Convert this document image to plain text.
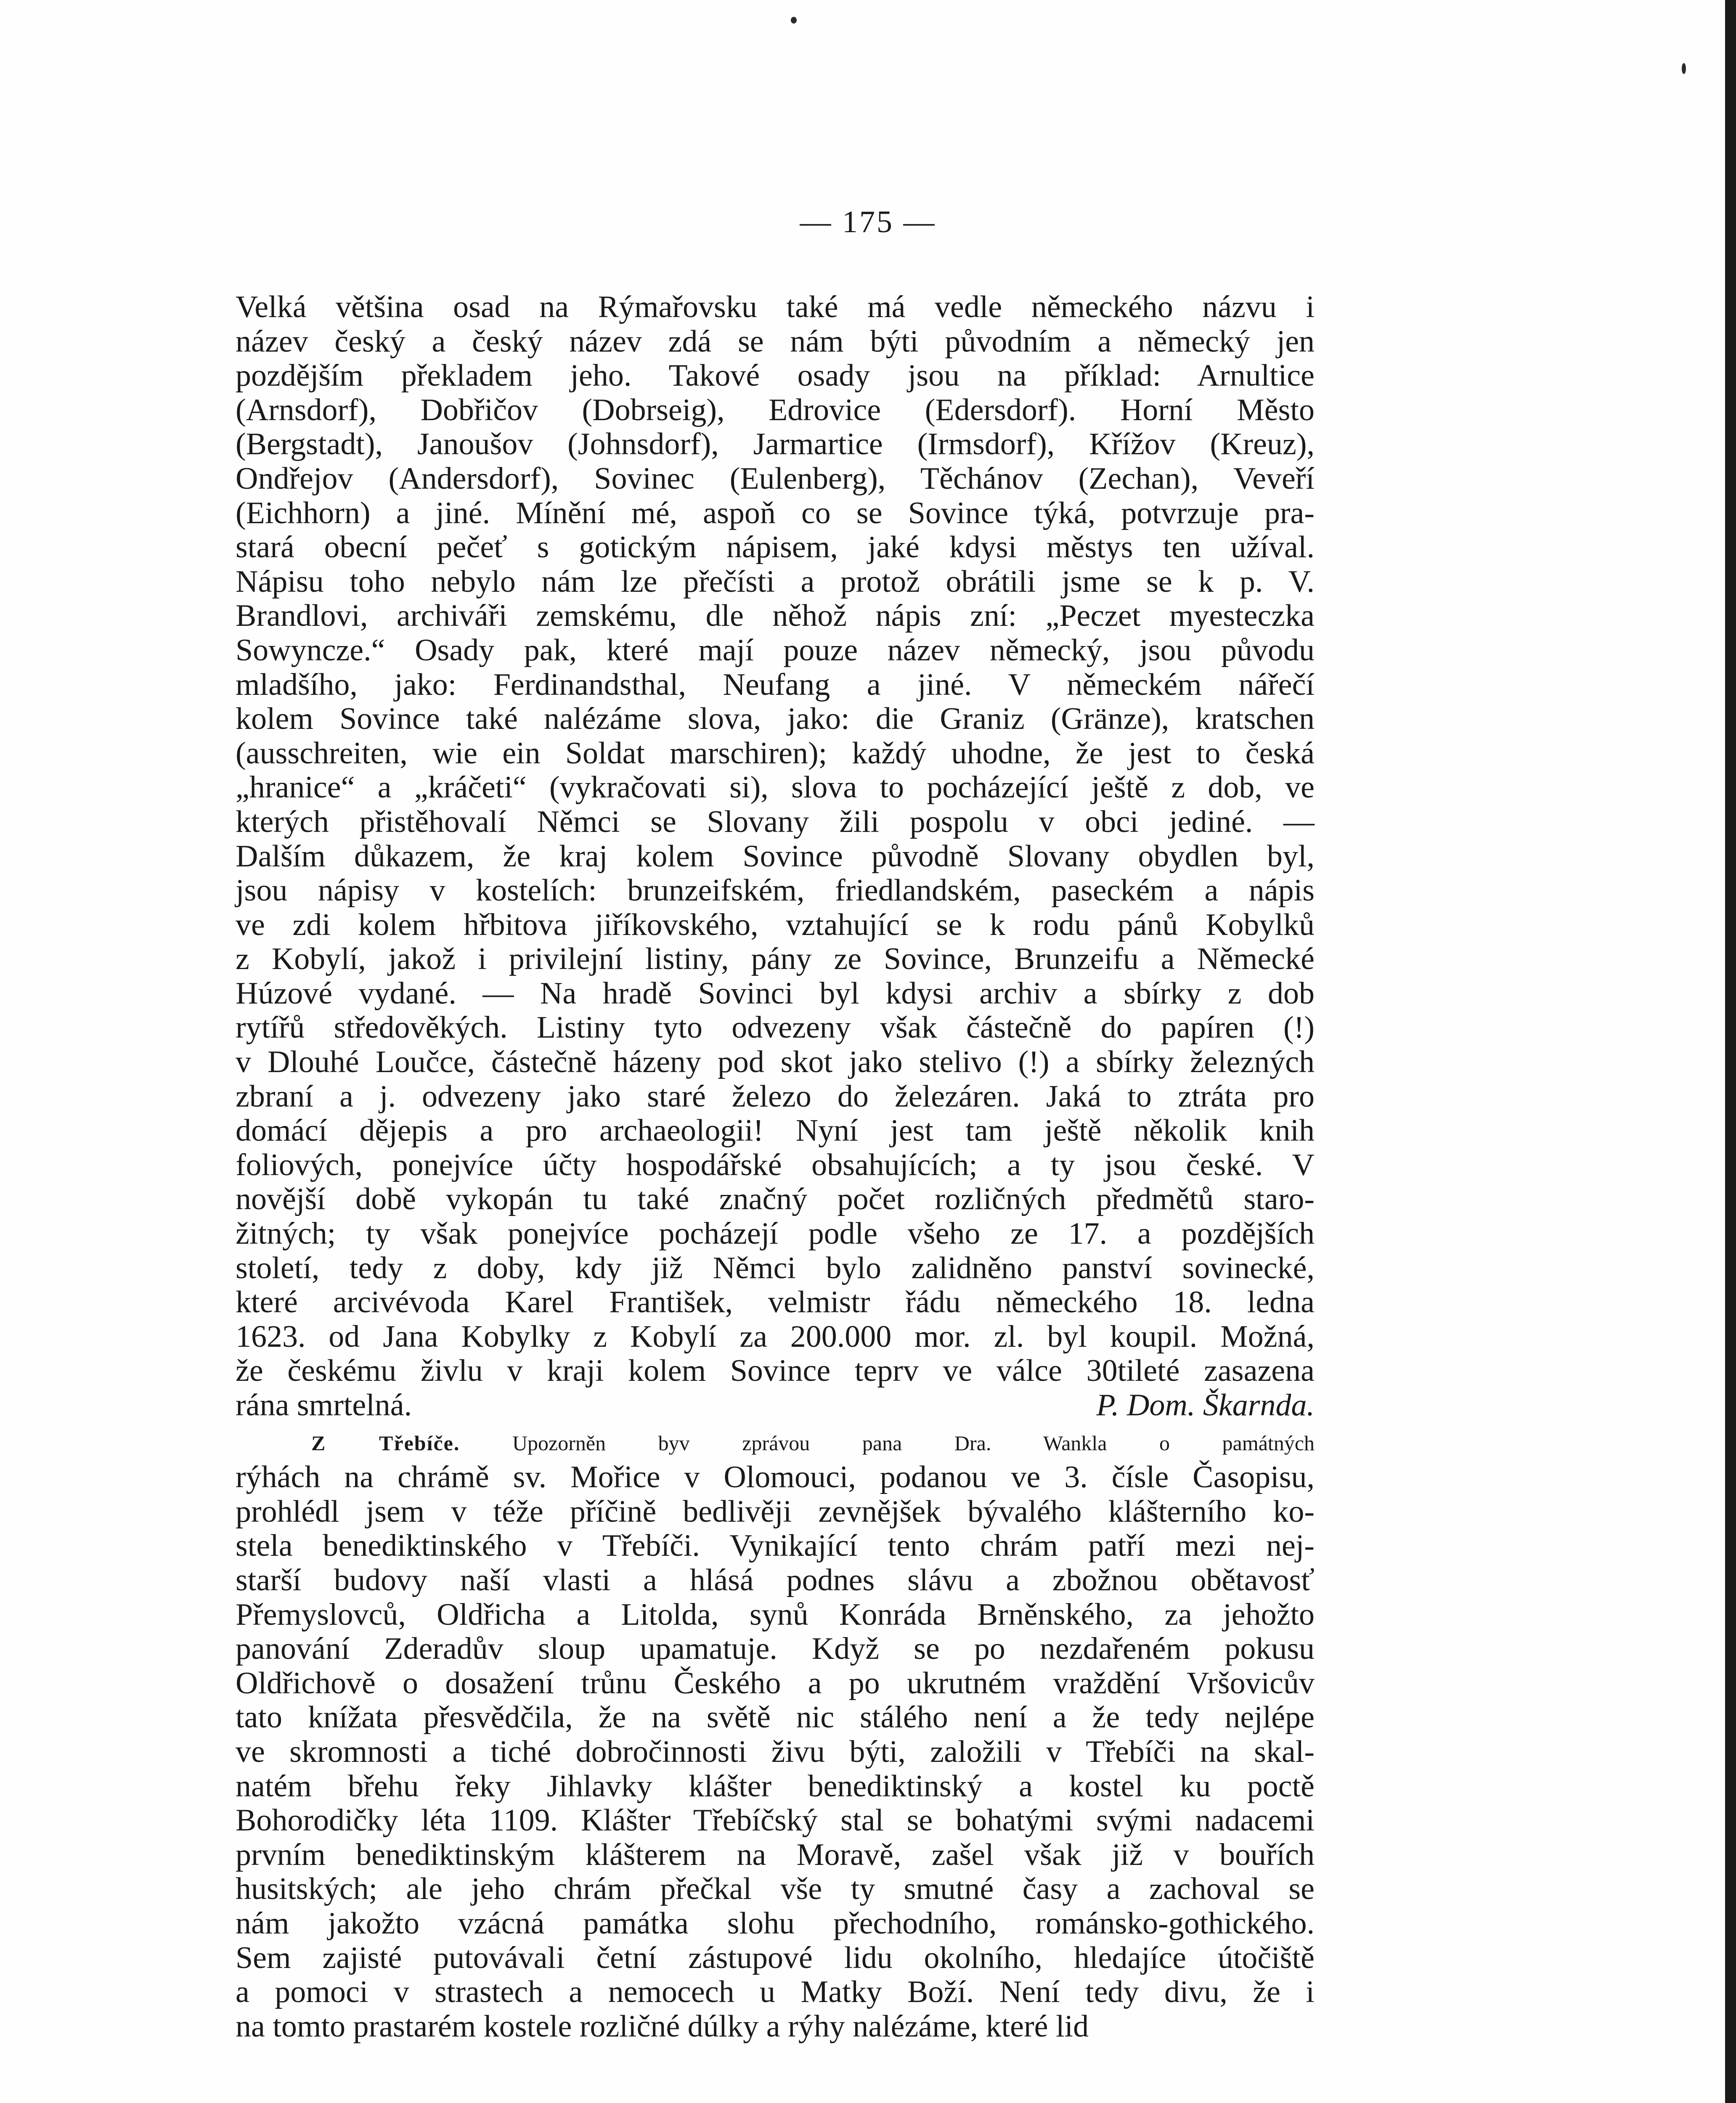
— 175 —
Velká většina osad na Rýmařovsku také má vedle německého názvu i
název český a český název zdá se nám býti původním a německý jen
pozdějším překladem jeho. Takové osady jsou na příklad: Arnultice
(Arnsdorf), Dobřičov (Dobrseig), Edrovice (Edersdorf). Horní Město
(Bergstadt), Janoušov (Johnsdorf), Jarmartice (Irmsdorf), Křížov (Kreuz),
Ondřejov (Andersdorf), Sovinec (Eulenberg), Těchánov (Zechan), Veveří
(Eichhorn) a jiné. Mínění mé, aspoň co se Sovince týká, potvrzuje pra-
stará obecní pečeť s gotickým nápisem, jaké kdysi městys ten užíval.
Nápisu toho nebylo nám lze přečísti a protož obrátili jsme se k p. V.
Brandlovi, archiváři zemskému, dle něhož nápis zní: „Peczet myesteczka
Sowyncze.“ Osady pak, které mají pouze název německý, jsou původu
mladšího, jako: Ferdinandsthal, Neufang a jiné. V německém nářečí
kolem Sovince také nalézáme slova, jako: die Graniz (Gränze), kratschen
(ausschreiten, wie ein Soldat marschiren); každý uhodne, že jest to česká
„hranice“ a „kráčeti“ (vykračovati si), slova to pocházející ještě z dob, ve
kterých přistěhovalí Němci se Slovany žili pospolu v obci jediné. —
Dalším důkazem, že kraj kolem Sovince původně Slovany obydlen byl,
jsou nápisy v kostelích: brunzeifském, friedlandském, paseckém a nápis
ve zdi kolem hřbitova jiříkovského, vztahující se k rodu pánů Kobylků
z Kobylí, jakož i privilejní listiny, pány ze Sovince, Brunzeifu a Německé
Húzové vydané. — Na hradě Sovinci byl kdysi archiv a sbírky z dob
rytířů středověkých. Listiny tyto odvezeny však částečně do papíren (!)
v Dlouhé Loučce, částečně házeny pod skot jako stelivo (!) a sbírky železných
zbraní a j. odvezeny jako staré železo do železáren. Jaká to ztráta pro
domácí dějepis a pro archaeologii! Nyní jest tam ještě několik knih
foliových, ponejvíce účty hospodářské obsahujících; a ty jsou české. V
novější době vykopán tu také značný počet rozličných předmětů staro-
žitných; ty však ponejvíce pocházejí podle všeho ze 17. a pozdějších
století, tedy z doby, kdy již Němci bylo zalidněno panství sovinecké,
které arcivévoda Karel František, velmistr řádu německého 18. ledna
1623. od Jana Kobylky z Kobylí za 200.000 mor. zl. byl koupil. Možná,
že českému živlu v kraji kolem Sovince teprv ve válce 30tileté zasazena
rána smrtelná.	P. Dom. Škarnda.
Z Třebíče. Upozorněn byv zprávou pana Dra. Wankla o památných
rýhách na chrámě sv. Mořice v Olomouci, podanou ve 3. čísle Časopisu,
prohlédl jsem v téže příčině bedlivěji zevnějšek bývalého klášterního ko-
stela benediktinského v Třebíči. Vynikající tento chrám patří mezi nej-
starší budovy naší vlasti a hlásá podnes slávu a zbožnou obětavosť
Přemyslovců, Oldřicha a Litolda, synů Konráda Brněnského, za jehožto
panování Zderadův sloup upamatuje. Když se po nezdařeném pokusu
Oldřichově o dosažení trůnu Českého a po ukrutném vraždění Vršovicův
tato knížata přesvědčila, že na světě nic stálého není a že tedy nejlépe
ve skromnosti a tiché dobročinnosti živu býti, založili v Třebíči na skal-
natém břehu řeky Jihlavky klášter benediktinský a kostel ku poctě
Bohorodičky léta 1109. Klášter Třebíčský stal se bohatými svými nadacemi
prvním benediktinským klášterem na Moravě, zašel však již v bouřích
husitských; ale jeho chrám přečkal vše ty smutné časy a zachoval se
nám jakožto vzácná památka slohu přechodního, románsko-gothického.
Sem zajisté putovávali četní zástupové lidu okolního, hledajíce útočiště
a pomoci v strastech a nemocech u Matky Boží. Není tedy divu, že i
na tomto prastarém kostele rozličné dúlky a rýhy nalézáme, které lid
